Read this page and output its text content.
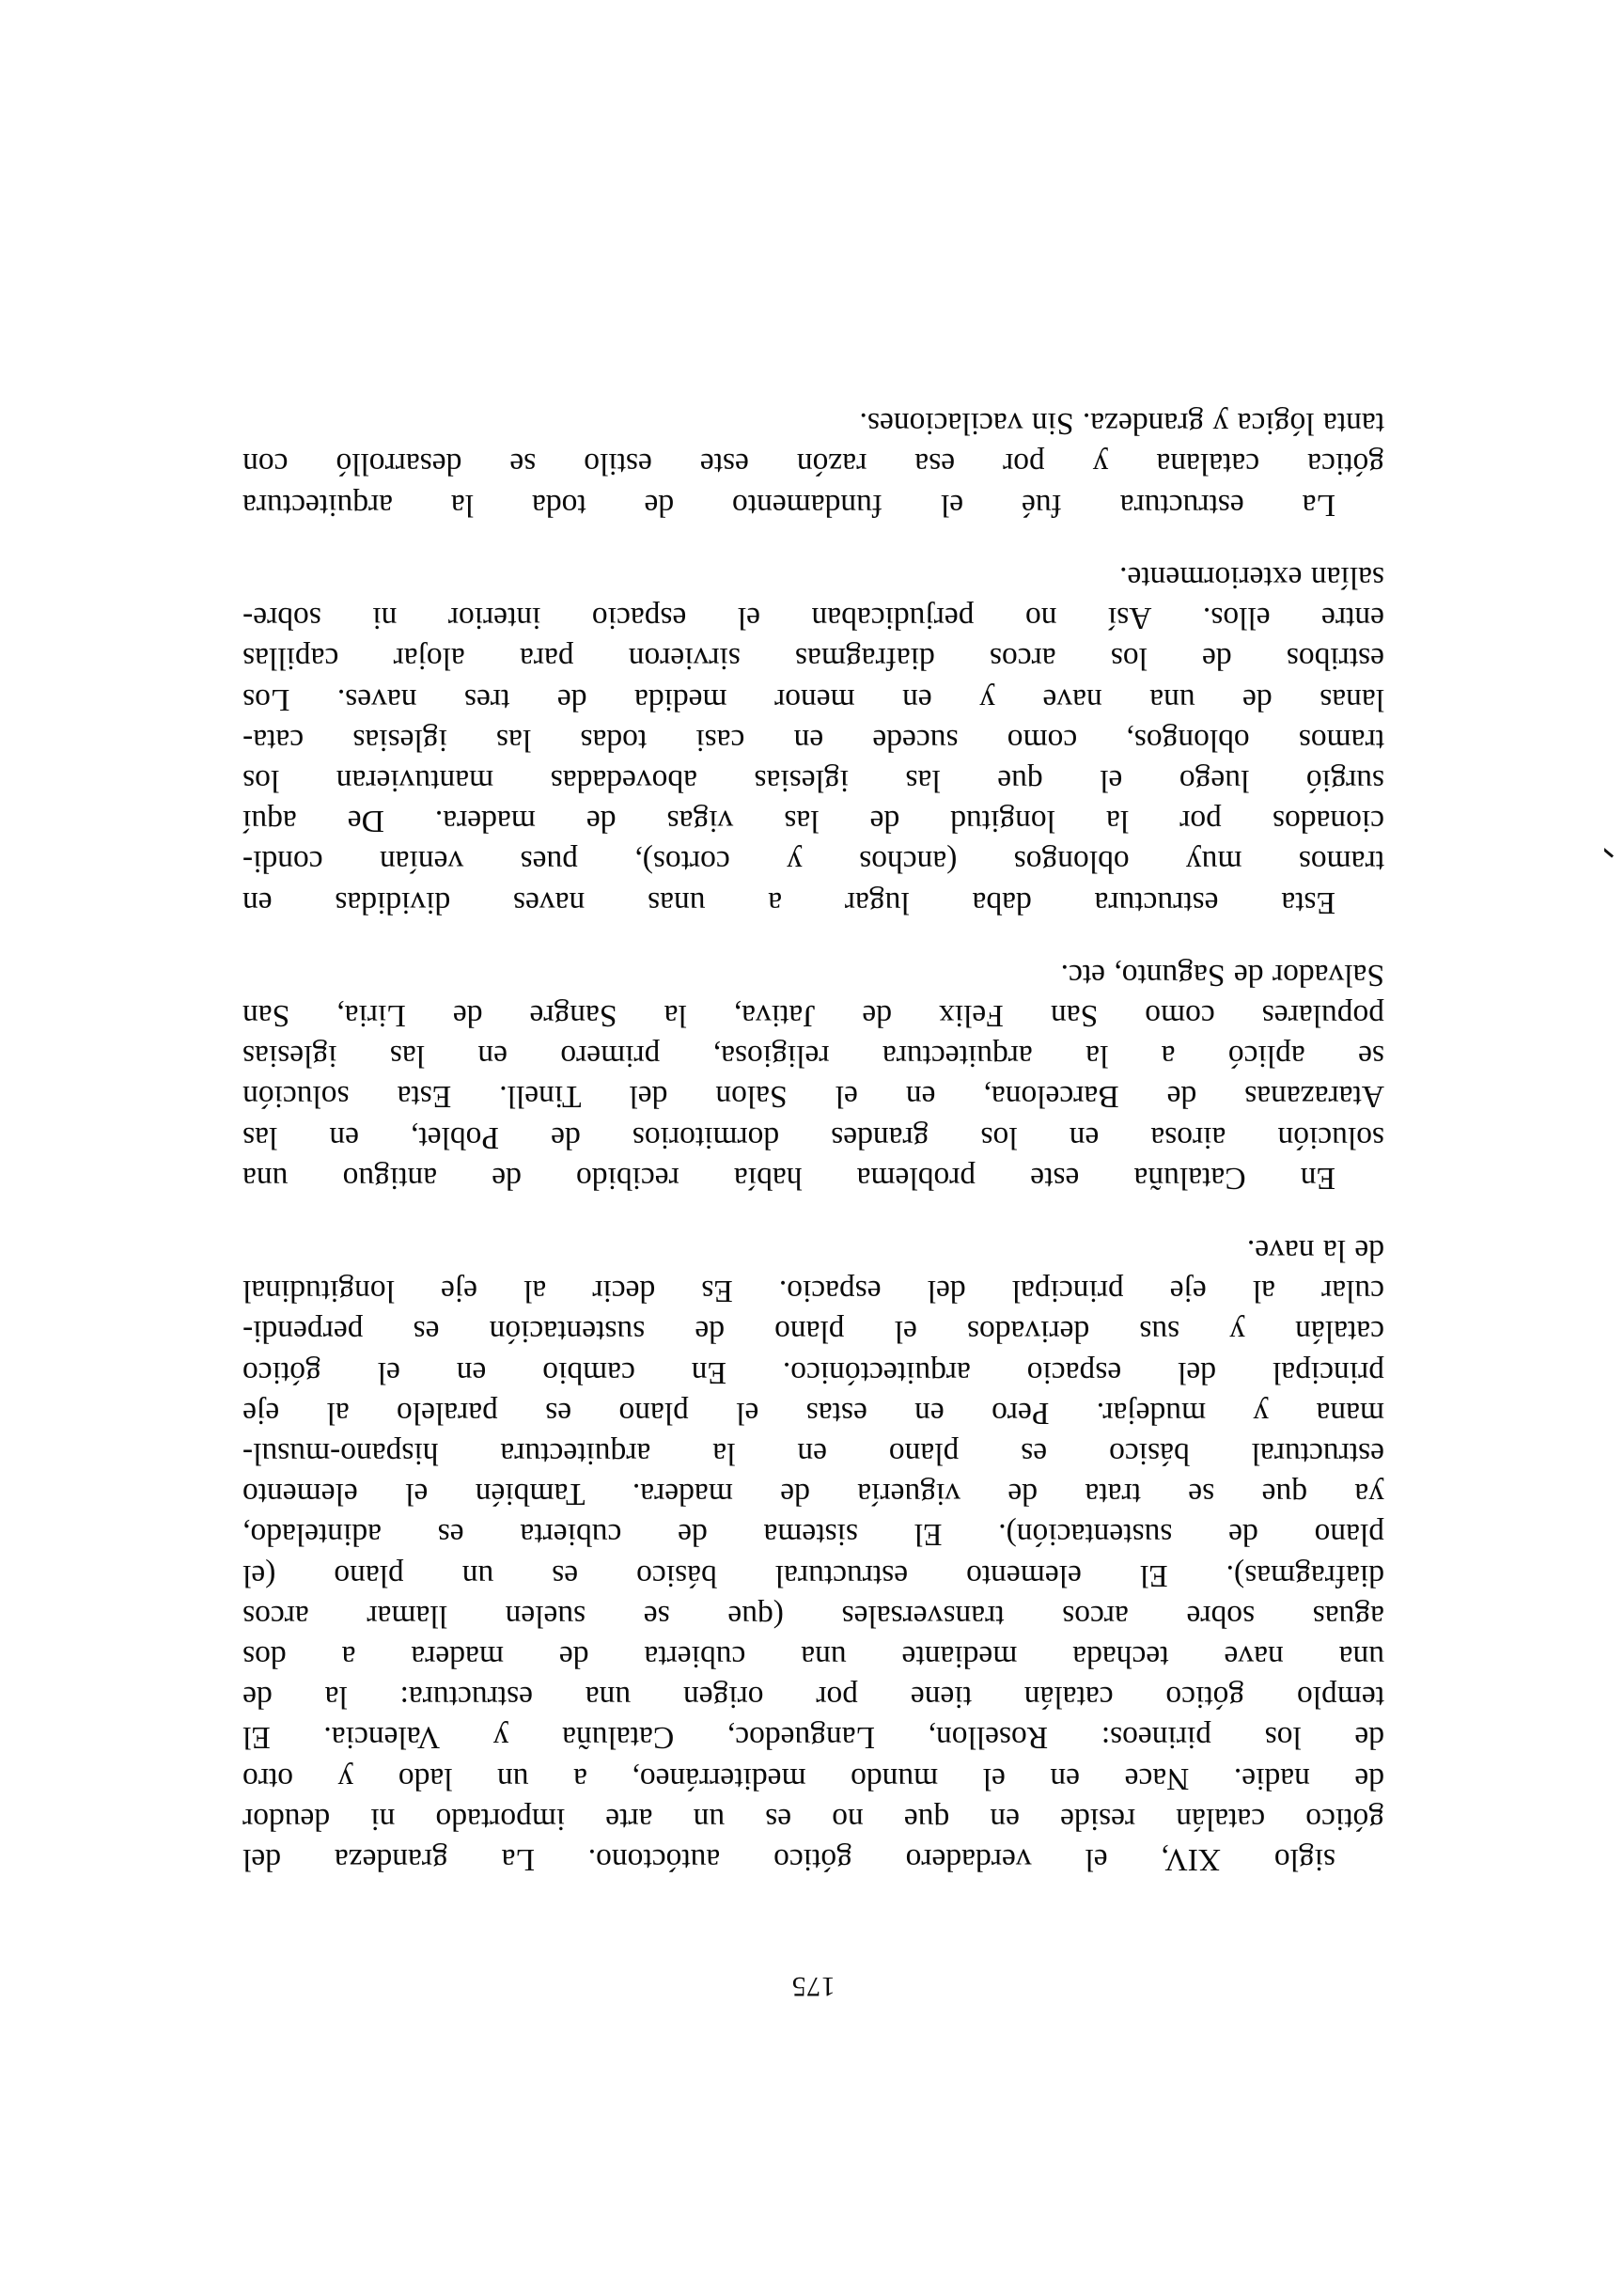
175

siglo
XIV,
el
verdadero
gótico
autóctono.
La
grandeza
del
gótico
catalán
reside
en
que
no
es
un
arte
importado
ni
deudor
de
nadie.
Nace
en
el
mundo
mediterráneo,
a
un
lado
y
otro
de
los
pirineos:
Rosellon,
Languedoc,
Cataluña
y
Valencia.
El
templo
gótico
catalán
tiene
por
origen
una
estructura:
la
de
una
nave
techada
mediante
una
cubierta
de
madera
a
dos
aguas
sobre
arcos
transversales
(que
se
suelen
llamar
arcos
diafragmas).
El
elemento
estructural
básico
es
un
plano
(el
plano
de
sustentación).
El
sistema
de
cubierta
es
adintelado,
ya
que
se
trata
de
viguería
de
madera.
También
el
elemento
estructural
básico
es
plano
en
la
arquitectura
hispano-musul-
mana
y
mudejar.
Pero
en
estas
el
plano
es
paralelo
al
eje
principal
del
espacio
arquitectónico.
En
cambio
en
el
gótico
catalán
y
sus
derivados
el
plano
de
sustentación
es
perpendi-
cular
al
eje
principal
del
espacio.
Es
decir
al
eje
longitudinal
de la nave.

En
Cataluña
este
problema
había
recibido
de
antiguo
una
solución
airosa
en
los
grandes
dormitorios
de
Poblet,
en
las
Atarazanas
de
Barcelona,
en
el
Salon
del
Tinell.
Esta
solución
se
aplicó
a
la
arquitectura
religiosa,
primero
en
las
iglesias
populares
como
San
Felix
de
Jativa,
la
Sangre
de
Liria,
San
Salvador de Sagunto, etc.

Esta
estructura
daba
lugar
a
unas
naves
divididas
en
tramos
muy
oblongos
(anchos
y
cortos),
pues
venían
condi-
cionados
por
la
longitud
de
las
vigas
de
madera.
De
aquí
surgió
luego
el
que
las
iglesias
abovedadas
mantuvieran
los
tramos
oblongos,
como
sucede
en
casi
todas
las
iglesias
cata-
lanas
de
una
nave
y
en
menor
medida
de
tres
naves.
Los
estribos
de
los
arcos
diafragmas
sirvieron
para
alojar
capillas
entre
ellos.
Así
no
perjudicaban
el
espacio
interior
ni
sobre-
salían exteriormente.

La
estructura
fué
el
fundamento
de
toda
la
arquitectura
gótica
catalana
y
por
esa
razón
este
estilo
se
desarrolló
con
tanta lógica y grandeza. Sin vacilaciones.
